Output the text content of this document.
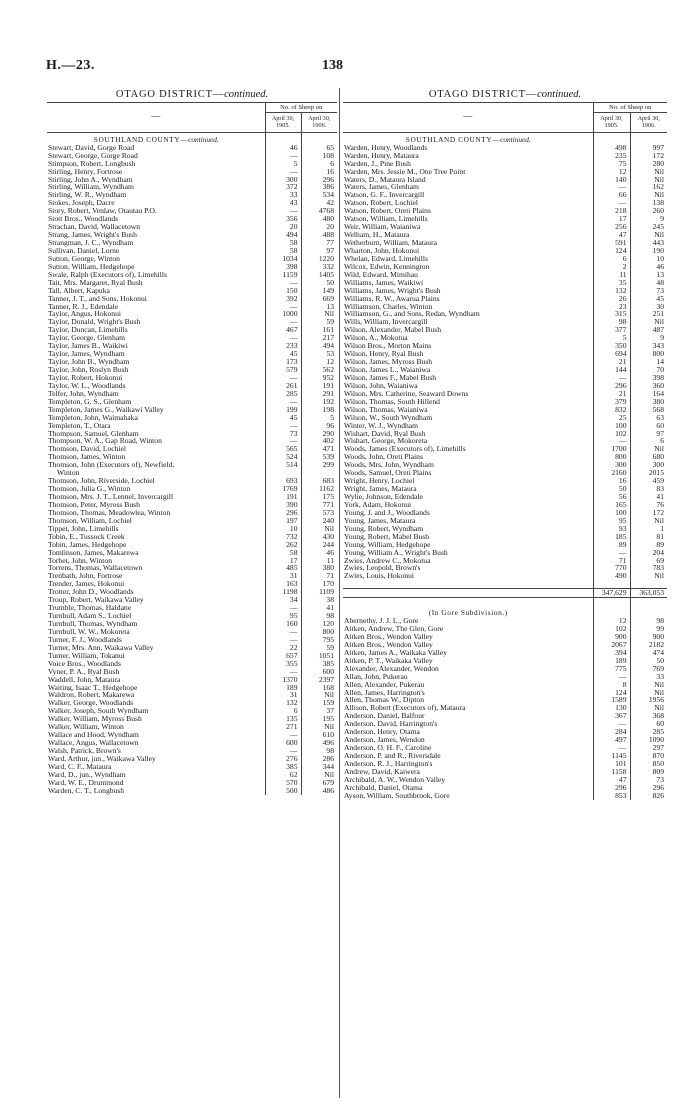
H.—23.	138
OTAGO DISTRICT—continued.
—	No. of Sheep on	
	April 30,
1905.	April 30,
1906.
SOUTHLAND COUNTY—continued.		
Stewart, David, Gorge Road	46	65
Stewart, George, Gorge Road	—	108
Stimpson, Robert, Longbush	5	6
Stirling, Henry, Fortrose	—	16
Stirling, John A., Wyndham	300	296
Stirling, William, Wyndham	372	386
Stirling, W. R., Wyndham	33	534
Stokes, Joseph, Dacre	43	42
Story, Robert, Venlaw, Otautau P.O.	—	4768
Stott Bros., Woodlands	356	480
Strachan, David, Wallacetown	20	20
Strang, James, Wright's Bush	494	488
Strangman, J. C., Wyndham	58	77
Sullivan, Daniel, Lorne	58	97
Sutton, George, Winton	1034	1220
Sutton, William, Hedgehope	398	332
Swale, Ralph (Executors of), Limehills	1159	1405
Tait, Mrs. Margaret, Ryal Bush	—	50
Tall, Albert, Kapuka	150	149
Tanner, J. T., and Sons, Hokonui	392	669
Tanner, R. J., Edendale	—	13
Taylor, Angus, Hokonui	1000	Nil
Taylor, Donald, Wright's Bush	—	59
Taylor, Duncan, Limehills	467	161
Taylor, George, Glenham	—	217
Taylor, James B., Waikiwi	233	494
Taylor, James, Wyndham	45	53
Taylor, John B., Wyndham	173	12
Taylor, John, Roslyn Bush	579	562
Taylor, Robert, Hokonui	—	952
Taylor, W. L., Woodlands	261	191
Telfer, John, Wyndham	285	291
Templeton, G. S., Glenham	—	192
Templeton, James G., Waikawi Valley	199	198
Templeton, John, Waimahaka	45	5
Templeton, T., Otara	—	96
Thompson, Samuel, Glenham	73	290
Thompson, W. A., Gap Road, Winton	—	402
Thomson, David, Lochiel	565	471
Thomson, James, Winton	524	539
Thomson, John (Executors of), Newfield,	514	299
Winton		
Thomson, John, Riverside, Lochiel	693	683
Thomson, Julia G., Winton	1769	1162
Thomson, Mrs. J. T., Lennel, Invercargill	191	175
Thomson, Peter, Myross Bush	390	771
Thomson, Thomas, Meadowlea, Winton	296	573
Thomson, William, Lochiel	197	240
Tippet, John, Limehills	10	Nil
Tobin, E., Tussock Creek	732	430
Tobin, James, Hedgehope	262	244
Tomlinson, James, Makarewa	58	46
Torbet, John, Winton	17	11
Torrens, Thomas, Wallacetown	485	380
Trenbath, John, Fortrose	31	71
Trender, James, Hokonui	163	170
Trotter, John D., Woodlands	1198	1109
Troup, Robert, Waikawa Valley	34	38
Trumble, Thomas, Haldane	—	41
Turnbull, Adam S., Lochiel	95	98
Turnbull, Thomas, Wyndham	160	120
Turnbull, W. W., Mokoreta	—	800
Turner, F. J., Woodlands	—	795
Turner, Mrs. Ann, Waikawa Valley	22	59
Turner, William, Tokanui	657	1051
Voice Bros., Woodlands	355	385
Vyner, P. A., Ryal Bush	—	600
Waddell, John, Mataura	1370	2397
Waiting, Isaac T., Hedgehope	189	168
Waldron, Robert, Makarewa	31	Nil
Walker, George, Woodlands	132	159
Walker, Joseph, South Wyndham	6	37
Walker, William, Myross Bush	135	195
Walker, William, Winton	271	Nil
Wallace and Hood, Wyndham	—	610
Wallace, Angus, Wallacetown	600	496
Walsh, Patrick, Brown's	—	98
Ward, Arthur, jun., Waikawa Valley	276	286
Ward, C. F., Mataura	385	344
Ward, D., jun., Wyndham	62	Nil
Ward, W. E., Drummond	570	679
Warden, C. T., Longbush	500	486
OTAGO DISTRICT—continued.
—	No. of Sheep on	
	April 30,
1905.	April 30,
1906.
SOUTHLAND COUNTY—continued.		
Warden, Henry, Woodlands	498	997
Warden, Henry, Mataura	235	172
Warden, J., Pine Bush	75	280
Warden, Mrs. Jessie M., One Tree Point	12	Nil
Waters, D., Mataura Island	140	Nil
Waters, James, Glenham	—	162
Watson, G. F., Invercargill	66	Nil
Watson, Robert, Lochiel	—	138
Watson, Robert, Oreti Plains	218	260
Watson, William, Limehills	17	9
Weir, William, Waianiwa	256	245
Welham, H., Mataura	47	Nil
Wetherburn, William, Mataura	591	443
Wharton, John, Hokonui	124	190
Whelan, Edward, Limehills	6	10
Wilcox, Edwin, Kennington	2	46
Wild, Edward, Mimihau	11	13
Williams, James, Waikiwi	35	48
Williams, James, Wright's Bush	132	73
Williams, R. W., Awarua Plains	26	45
Williamson, Charles, Winton	23	30
Williamson, G., and Sons, Redan, Wyndham	315	251
Wills, William, Invercargill	98	Nil
Wilson, Alexander, Mabel Bush	377	487
Wilson, A., Mokotua	5	9
Wilson Bros., Morton Mains	350	343
Wilson, Henry, Ryal Bush	694	800
Wilson, James, Myross Bush	21	14
Wilson, James L., Waianiwa	144	70
Wilson, James F., Mabel Bush	—	398
Wilson, John, Waianiwa	296	360
Wilson, Mrs. Catherine, Seaward Downs	21	164
Wilson, Thomas, South Hillend	379	380
Wilson, Thomas, Waianiwa	832	568
Wilson, W., South Wyndham	25	63
Winter, W. J., Wyndham	100	60
Wishart, David, Ryal Bush	102	97
Wishart, George, Mokoreta	—	6
Woods, James (Executors of), Limehills	1700	Nil
Woods, John, Oreti Plains	800	680
Woods, Mrs. John, Wyndham	300	300
Woods, Samuel, Oreti Plains	2160	2015
Wright, Henry, Lochiel	16	459
Wright, James, Mataura	50	83
Wylie, Johnson, Edendale	56	41
York, Adam, Hokonui	165	76
Young, J. and J., Woodlands	100	172
Young, James, Mataura	95	Nil
Young, Robert, Wyndham	93	1
Young, Robert, Mabel Bush	185	81
Young, William, Hedgehope	89	89
Young, William A., Wright's Bush	—	204
Zwies, Andrew C., Mokotua	71	69
Zwies, Leopold, Brown's	770	783
Zwies, Louis, Hokonui	490	Nil

	347,629	363,053

(In Gore Subdivision.)		
Abernethy, J. J. L., Gore	12	98
Aitken, Andrew, The Glen, Gore	102	99
Aitken Bros., Wendon Valley	900	900
Aitken Bros., Wendon Valley	2067	2182
Aitken, James A., Waikaka Valley	394	474
Aitken, P. T., Waikaka Valley	189	50
Alexander, Alexander, Wendon	775	769
Allan, John, Pukerau	—	33
Allen, Alexander, Pukerau	8	Nil
Allen, James, Harrington's	124	Nil
Allen, Thomas W., Dipton	1589	1956
Allison, Robert (Executors of), Mataura	130	Nil
Anderson, Daniel, Balfour	367	368
Anderson, David, Harrington's	—	60
Anderson, Henry, Otama	284	285
Anderson, James, Wendon	497	1090
Anderson, O. H. F., Caroline	—	297
Anderson, P. and R., Riversdale	1145	870
Anderson, R. J., Harrington's	101	850
Andrew, David, Kaiwera	1158	809
Archibald, A. W., Wendon Valley	47	73
Archibald, Daniel, Otama	296	296
Ayson, William, Southbrook, Gore	853	826
